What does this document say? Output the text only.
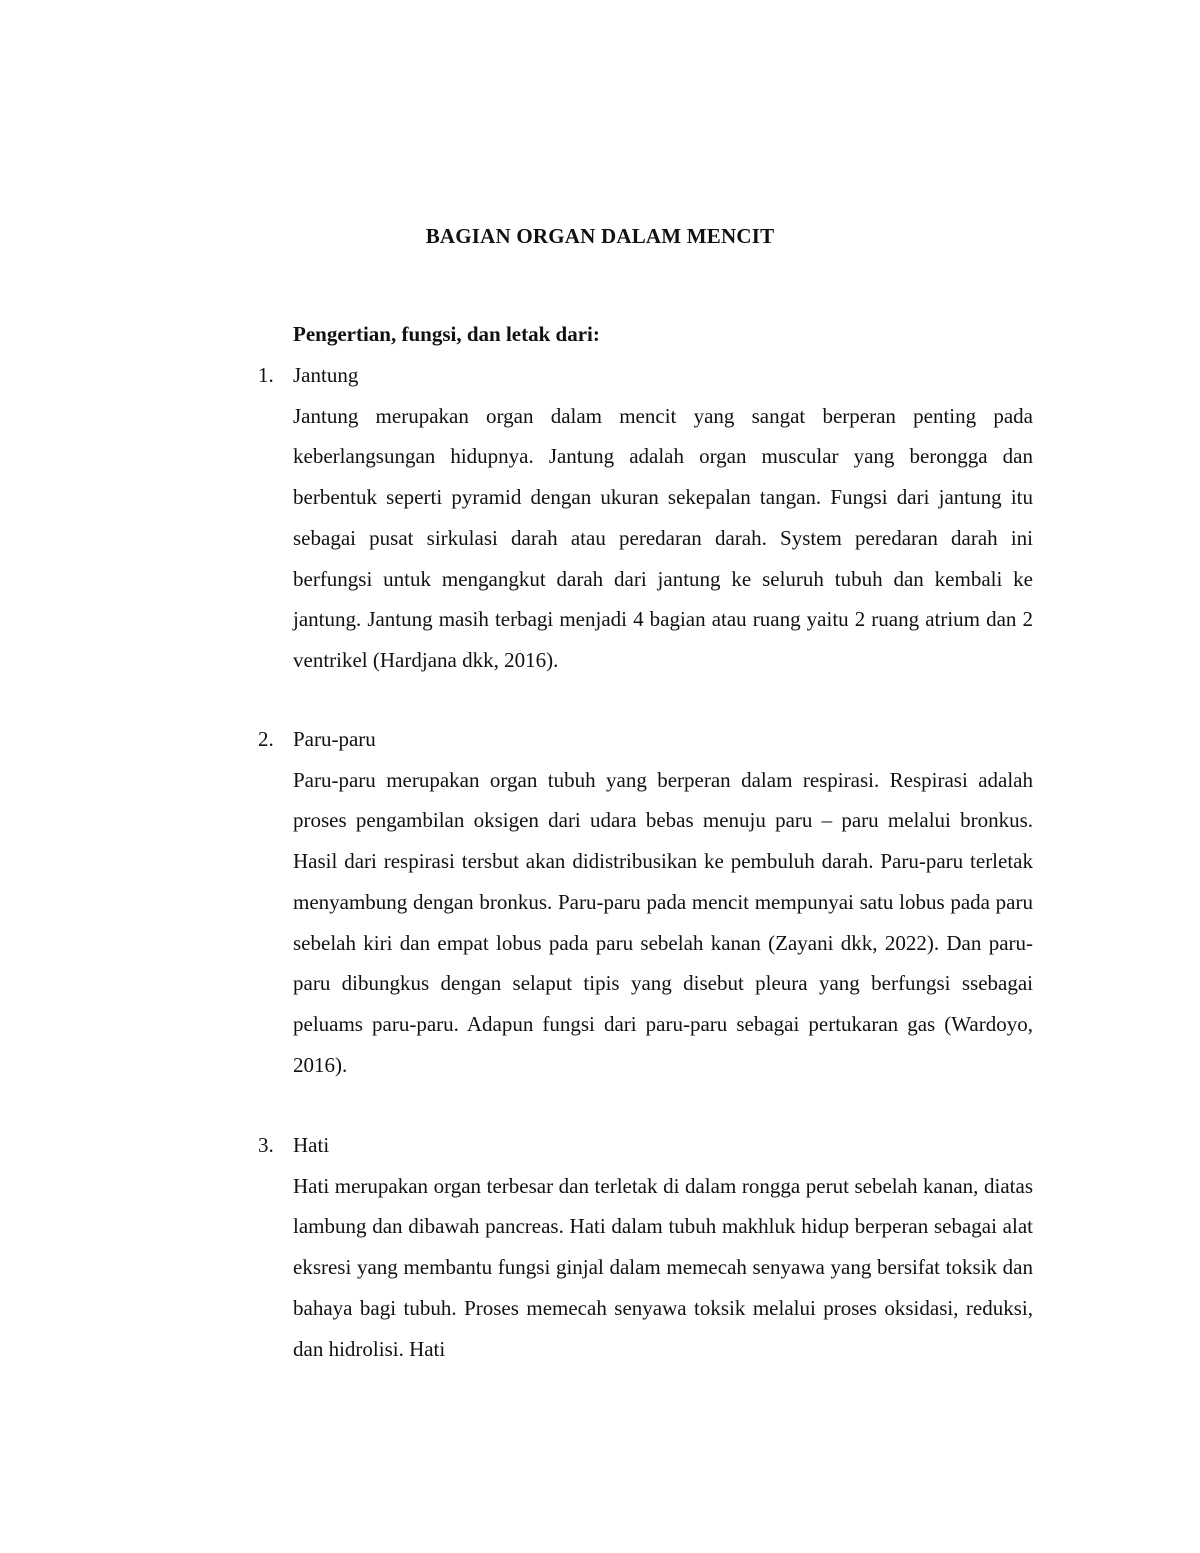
BAGIAN ORGAN DALAM MENCIT
Pengertian, fungsi, dan letak dari:
1. Jantung

Jantung merupakan organ dalam mencit yang sangat berperan penting pada keberlangsungan hidupnya. Jantung adalah organ muscular yang berongga dan berbentuk seperti pyramid dengan ukuran sekepalan tangan. Fungsi dari jantung itu sebagai pusat sirkulasi darah atau peredaran darah. System peredaran darah ini berfungsi untuk mengangkut darah dari jantung ke seluruh tubuh dan kembali ke jantung. Jantung masih terbagi menjadi 4 bagian atau ruang yaitu 2 ruang atrium dan 2 ventrikel (Hardjana dkk, 2016).

2. Paru-paru

Paru-paru merupakan organ tubuh yang berperan dalam respirasi. Respirasi adalah proses pengambilan oksigen dari udara bebas menuju paru – paru melalui bronkus. Hasil dari respirasi tersbut akan didistribusikan ke pembuluh darah. Paru-paru terletak menyambung dengan bronkus. Paru-paru pada mencit mempunyai satu lobus pada paru sebelah kiri dan empat lobus pada paru sebelah kanan (Zayani dkk, 2022). Dan paru-paru dibungkus dengan selaput tipis yang disebut pleura yang berfungsi ssebagai peluams paru-paru. Adapun fungsi dari paru-paru sebagai pertukaran gas (Wardoyo, 2016).

3. Hati

Hati merupakan organ terbesar dan terletak di dalam rongga perut sebelah kanan, diatas lambung dan dibawah pancreas. Hati dalam tubuh makhluk hidup berperan sebagai alat eksresi yang membantu fungsi ginjal dalam memecah senyawa yang bersifat toksik dan bahaya bagi tubuh. Proses memecah senyawa toksik melalui proses oksidasi, reduksi, dan hidrolisi. Hati
